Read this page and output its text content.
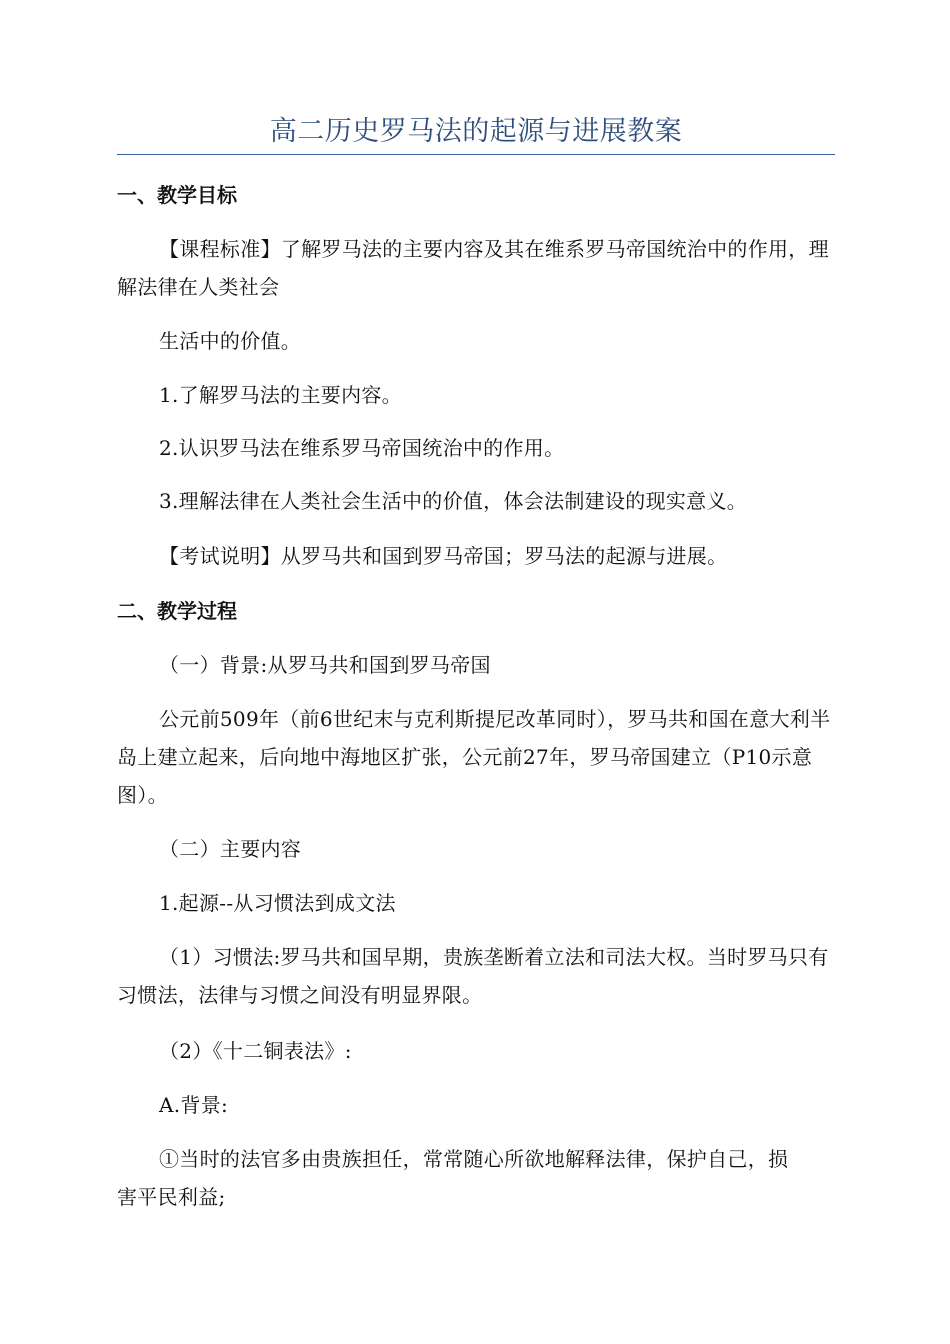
高二历史罗马法的起源与进展教案
一、教学目标
【课程标准】了解罗马法的主要内容及其在维系罗马帝国统治中的作用，理解法律在人类社会
生活中的价值。
1.了解罗马法的主要内容。
2.认识罗马法在维系罗马帝国统治中的作用。
3.理解法律在人类社会生活中的价值，体会法制建设的现实意义。
【考试说明】从罗马共和国到罗马帝国；罗马法的起源与进展。
二、教学过程
（一）背景:从罗马共和国到罗马帝国
公元前509年（前6世纪末与克利斯提尼改革同时），罗马共和国在意大利半岛上建立起来，后向地中海地区扩张，公元前27年，罗马帝国建立（P10示意图）。
（二）主要内容
1.起源--从习惯法到成文法
（1）习惯法:罗马共和国早期，贵族垄断着立法和司法大权。当时罗马只有习惯法，法律与习惯之间没有明显界限。
（2）《十二铜表法》:
A.背景:
①当时的法官多由贵族担任，常常随心所欲地解释法律，保护自己，损害平民利益;
